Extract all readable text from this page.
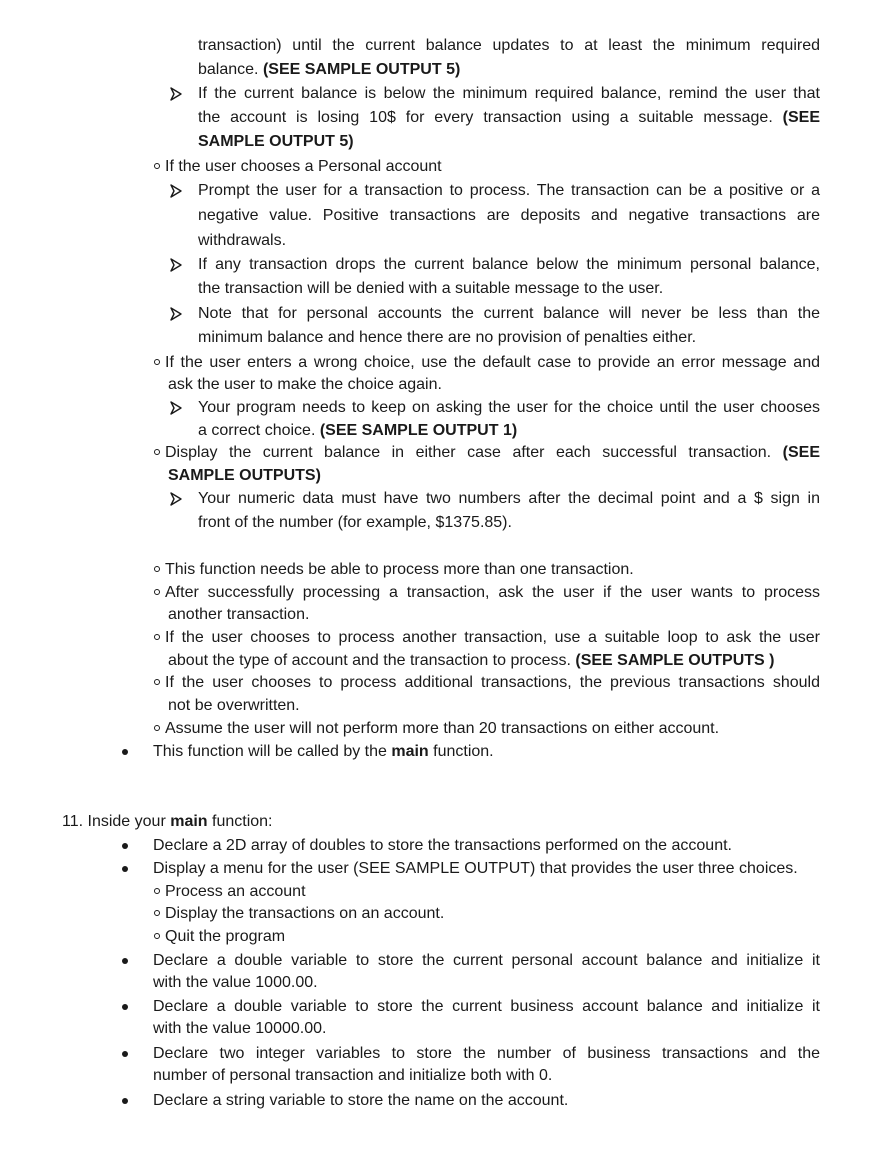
transaction) until the current balance updates to at least the minimum required
balance. (SEE SAMPLE OUTPUT 5)
If the current balance is below the minimum required balance, remind the user that
the account is losing 10$ for every transaction using a suitable message. (SEE
SAMPLE OUTPUT 5)
If the user chooses a Personal account
Prompt the user for a transaction to process. The transaction can be a positive or a
negative value. Positive transactions are deposits and negative transactions are
withdrawals.
If any transaction drops the current balance below the minimum personal balance,
the transaction will be denied with a suitable message to the user.
Note that for personal accounts the current balance will never be less than the
minimum balance and hence there are no provision of penalties either.
If the user enters a wrong choice, use the default case to provide an error message and
ask the user to make the choice again.
Your program needs to keep on asking the user for the choice until the user chooses
a correct choice. (SEE SAMPLE OUTPUT 1)
Display the current balance in either case after each successful transaction. (SEE
SAMPLE OUTPUTS)
Your numeric data must have two numbers after the decimal point and a $ sign in
front of the number (for example, $1375.85).
This function needs be able to process more than one transaction.
After successfully processing a transaction, ask the user if the user wants to process
another transaction.
If the user chooses to process another transaction, use a suitable loop to ask the user
about the type of account and the transaction to process. (SEE SAMPLE OUTPUTS )
If the user chooses to process additional transactions, the previous transactions should
not be overwritten.
Assume the user will not perform more than 20 transactions on either account.
This function will be called by the main function.
11. Inside your main function:
Declare a 2D array of doubles to store the transactions performed on the account.
Display a menu for the user (SEE SAMPLE OUTPUT) that provides the user three choices.
Process an account
Display the transactions on an account.
Quit the program
Declare a double variable to store the current personal account balance and initialize it
with the value 1000.00.
Declare a double variable to store the current business account balance and initialize it
with the value 10000.00.
Declare two integer variables to store the number of business transactions and the
number of personal transaction and initialize both with 0.
Declare a string variable to store the name on the account.
